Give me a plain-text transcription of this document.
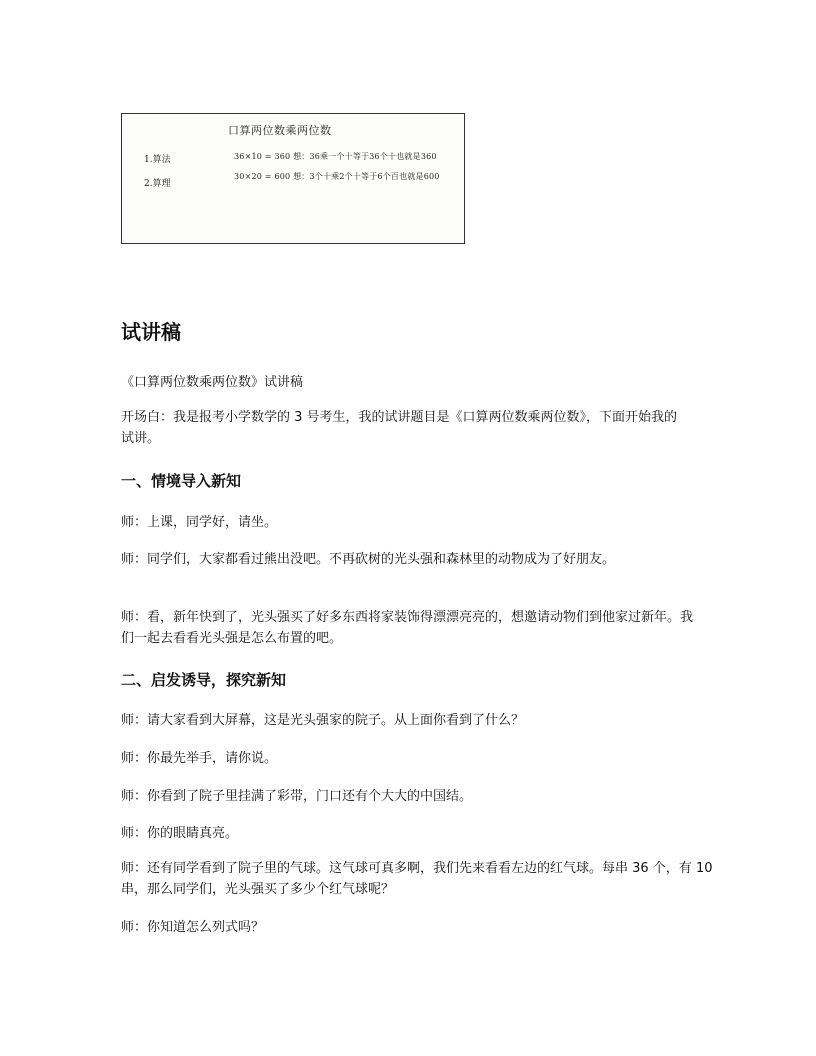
口算两位数乘两位数
1.算法
2.算理
36×10 = 360 想：36乘一个十等于36个十也就是360
30×20 = 600 想：3个十乘2个十等于6个百也就是600
试讲稿
《口算两位数乘两位数》试讲稿
开场白：我是报考小学数学的 3 号考生，我的试讲题目是《口算两位数乘两位数》，下面开始我的试讲。
一、情境导入新知
师：上课，同学好，请坐。
师：同学们，大家都看过熊出没吧。不再砍树的光头强和森林里的动物成为了好朋友。
师：看，新年快到了，光头强买了好多东西将家装饰得漂漂亮亮的，想邀请动物们到他家过新年。我们一起去看看光头强是怎么布置的吧。
二、启发诱导，探究新知
师：请大家看到大屏幕，这是光头强家的院子。从上面你看到了什么？
师：你最先举手，请你说。
师：你看到了院子里挂满了彩带，门口还有个大大的中国结。
师：你的眼睛真亮。
师：还有同学看到了院子里的气球。这气球可真多啊，我们先来看看左边的红气球。每串 36 个，有 10 串，那么同学们，光头强买了多少个红气球呢？
师：你知道怎么列式吗？
